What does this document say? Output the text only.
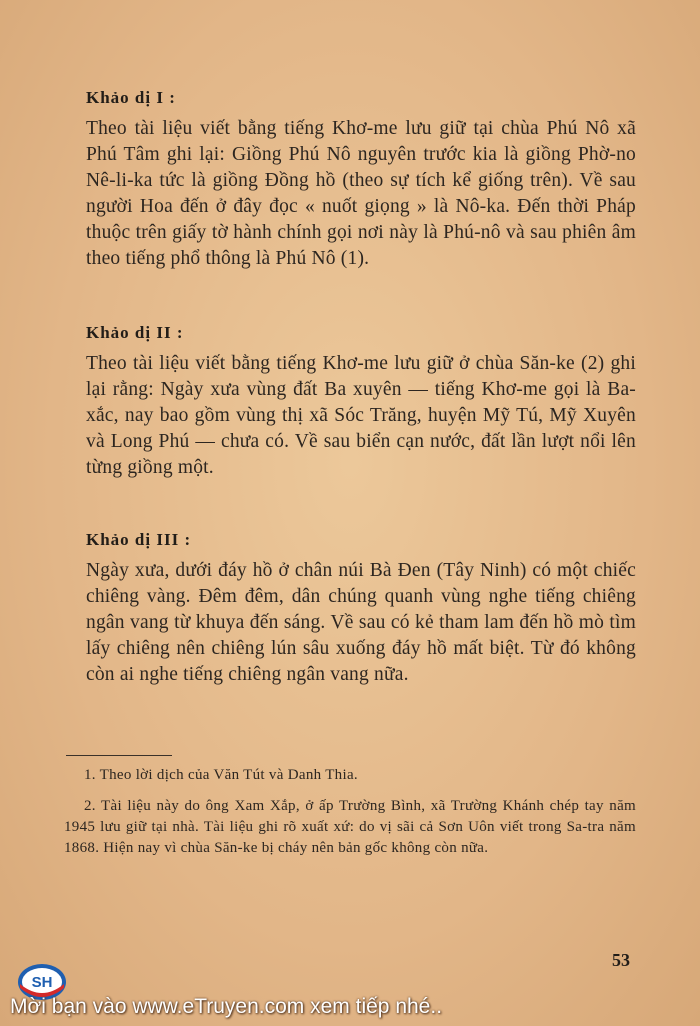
Khảo dị I :

Theo tài liệu viết bằng tiếng Khơ-me lưu giữ tại chùa Phú Nô xã Phú Tâm ghi lại: Giồng Phú Nô nguyên trước kia là giồng Phờ-no Nê-li-ka tức là giồng Đồng hồ (theo sự tích kể giống trên). Về sau người Hoa đến ở đây đọc « nuốt giọng » là Nô-ka. Đến thời Pháp thuộc trên giấy tờ hành chính gọi nơi này là Phú-nô và sau phiên âm theo tiếng phổ thông là Phú Nô (1).

Khảo dị II :

Theo tài liệu viết bằng tiếng Khơ-me lưu giữ ở chùa Săn-ke (2) ghi lại rằng: Ngày xưa vùng đất Ba xuyên — tiếng Khơ-me gọi là Ba-xắc, nay bao gồm vùng thị xã Sóc Trăng, huyện Mỹ Tú, Mỹ Xuyên và Long Phú — chưa có. Về sau biển cạn nước, đất lần lượt nổi lên từng giồng một.

Khảo dị III :

Ngày xưa, dưới đáy hồ ở chân núi Bà Đen (Tây Ninh) có một chiếc chiêng vàng. Đêm đêm, dân chúng quanh vùng nghe tiếng chiêng ngân vang từ khuya đến sáng. Về sau có kẻ tham lam đến hồ mò tìm lấy chiêng nên chiêng lún sâu xuống đáy hồ mất biệt. Từ đó không còn ai nghe tiếng chiêng ngân vang nữa.

1. Theo lời dịch của Văn Tút và Danh Thia.

2. Tài liệu này do ông Xam Xắp, ở ấp Trường Bình, xã Trường Khánh chép tay năm 1945 lưu giữ tại nhà. Tài liệu ghi rõ xuất xứ: do vị sãi cả Sơn Uôn viết trong Sa-tra năm 1868. Hiện nay vì chùa Săn-ke bị cháy nên bản gốc không còn nữa.

53
SH
Mời bạn vào www.eTruyen.com xem tiếp nhé..
